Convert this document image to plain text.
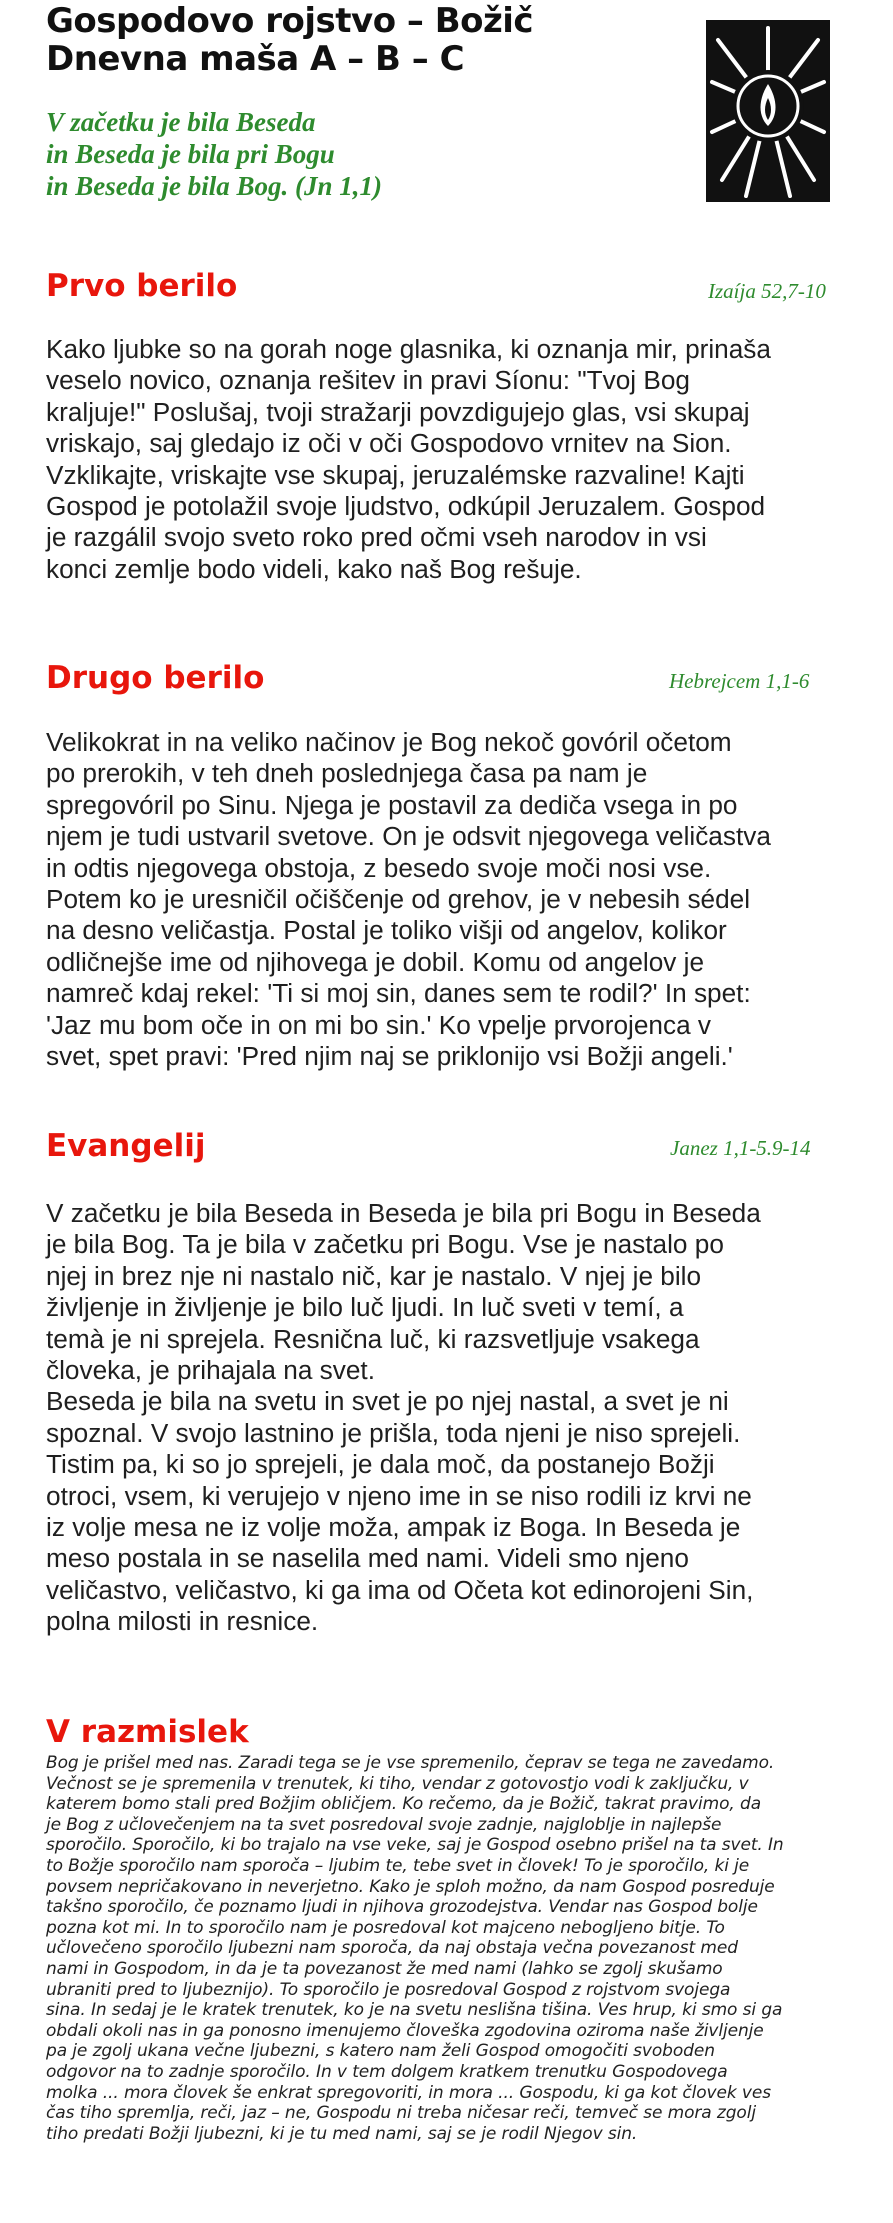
Gospodovo rojstvo – Božič
Dnevna maša A – B – C
V začetku je bila Beseda
in Beseda je bila pri Bogu
in Beseda je bila Bog. (Jn 1,1)
Prvo berilo	Izaíja 52,7-10

Kako ljubke so na gorah noge glasnika, ki oznanja mir, prinaša
veselo novico, oznanja rešitev in pravi Síonu: "Tvoj Bog
kraljuje!" Poslušaj, tvoji stražarji povzdigujejo glas, vsi skupaj
vriskajo, saj gledajo iz oči v oči Gospodovo vrnitev na Sion.
Vzklikajte, vriskajte vse skupaj, jeruzalémske razvaline! Kajti
Gospod je potolažil svoje ljudstvo, odkúpil Jeruzalem. Gospod
je razgálil svojo sveto roko pred očmi vseh narodov in vsi
konci zemlje bodo videli, kako naš Bog rešuje.

Drugo berilo	Hebrejcem 1,1-6

Velikokrat in na veliko načinov je Bog nekoč govóril očetom
po prerokih, v teh dneh poslednjega časa pa nam je
spregovóril po Sinu. Njega je postavil za dediča vsega in po
njem je tudi ustvaril svetove. On je odsvit njegovega veličastva
in odtis njegovega obstoja, z besedo svoje moči nosi vse.
Potem ko je uresničil očiščenje od grehov, je v nebesih sédel
na desno veličastja. Postal je toliko višji od angelov, kolikor
odličnejše ime od njihovega je dobil. Komu od angelov je
namreč kdaj rekel: 'Ti si moj sin, danes sem te rodil?' In spet:
'Jaz mu bom oče in on mi bo sin.' Ko vpelje prvorojenca v
svet, spet pravi: 'Pred njim naj se priklonijo vsi Božji angeli.'

Evangelij	Janez 1,1-5.9-14

V začetku je bila Beseda in Beseda je bila pri Bogu in Beseda
je bila Bog. Ta je bila v začetku pri Bogu. Vse je nastalo po
njej in brez nje ni nastalo nič, kar je nastalo. V njej je bilo
življenje in življenje je bilo luč ljudi. In luč sveti v temí, a
temà je ni sprejela. Resnična luč, ki razsvetljuje vsakega
človeka, je prihajala na svet.
Beseda je bila na svetu in svet je po njej nastal, a svet je ni
spoznal. V svojo lastnino je prišla, toda njeni je niso sprejeli.
Tistim pa, ki so jo sprejeli, je dala moč, da postanejo Božji
otroci, vsem, ki verujejo v njeno ime in se niso rodili iz krvi ne
iz volje mesa ne iz volje moža, ampak iz Boga. In Beseda je
meso postala in se naselila med nami. Videli smo njeno
veličastvo, veličastvo, ki ga ima od Očeta kot edinorojeni Sin,
polna milosti in resnice.

V razmislek

Bog je prišel med nas. Zaradi tega se je vse spremenilo, čeprav se tega ne zavedamo.
Večnost se je spremenila v trenutek, ki tiho, vendar z gotovostjo vodi k zaključku, v
katerem bomo stali pred Božjim obličjem. Ko rečemo, da je Božič, takrat pravimo, da
je Bog z učlovečenjem na ta svet posredoval svoje zadnje, najgloblje in najlepše
sporočilo. Sporočilo, ki bo trajalo na vse veke, saj je Gospod osebno prišel na ta svet. In
to Božje sporočilo nam sporoča – ljubim te, tebe svet in človek! To je sporočilo, ki je
povsem nepričakovano in neverjetno. Kako je sploh možno, da nam Gospod posreduje
takšno sporočilo, če poznamo ljudi in njihova grozodejstva. Vendar nas Gospod bolje
pozna kot mi. In to sporočilo nam je posredoval kot majceno nebogljeno bitje. To
učlovečeno sporočilo ljubezni nam sporoča, da naj obstaja večna povezanost med
nami in Gospodom, in da je ta povezanost že med nami (lahko se zgolj skušamo
ubraniti pred to ljubeznijo). To sporočilo je posredoval Gospod z rojstvom svojega
sina. In sedaj je le kratek trenutek, ko je na svetu neslišna tišina. Ves hrup, ki smo si ga
obdali okoli nas in ga ponosno imenujemo človeška zgodovina oziroma naše življenje
pa je zgolj ukana večne ljubezni, s katero nam želi Gospod omogočiti svoboden
odgovor na to zadnje sporočilo. In v tem dolgem kratkem trenutku Gospodovega
molka ... mora človek še enkrat spregovoriti, in mora ... Gospodu, ki ga kot človek ves
čas tiho spremlja, reči, jaz – ne, Gospodu ni treba ničesar reči, temveč se mora zgolj
tiho predati Božji ljubezni, ki je tu med nami, saj se je rodil Njegov sin.
